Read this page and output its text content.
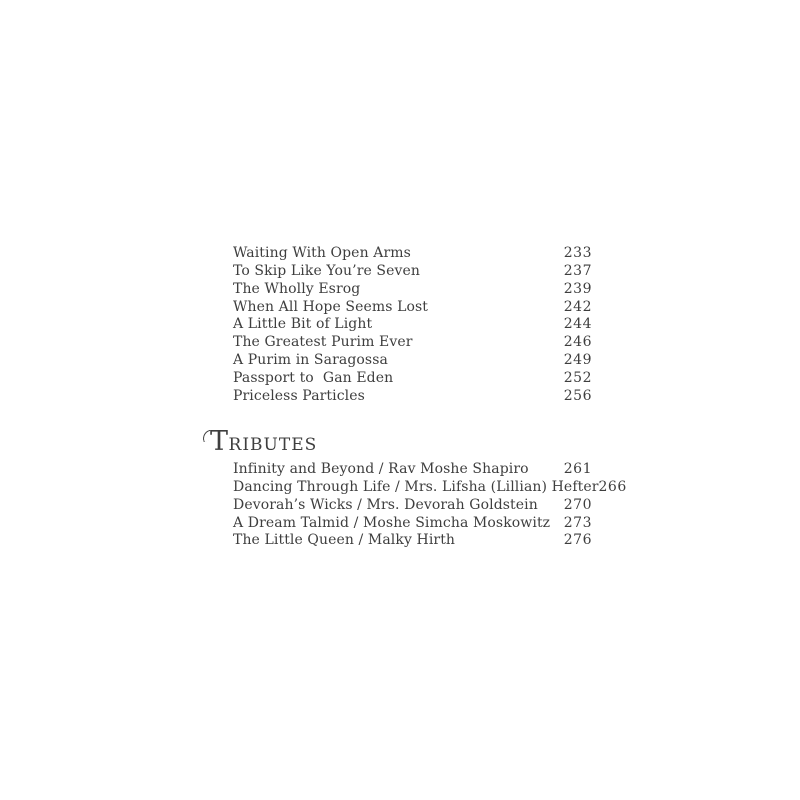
Waiting With Open Arms	233
To Skip Like You’re Seven	237
The Wholly Esrog	239
When All Hope Seems Lost	242
A Little Bit of Light	244
The Greatest Purim Ever	246
A Purim in Saragossa	249
Passport to  Gan Eden	252
Priceless Particles	256
TRIBUTES
Infinity and Beyond / Rav Moshe Shapiro	261
Dancing Through Life / Mrs. Lifsha (Lillian) Hefter 266
Devorah’s Wicks / Mrs. Devorah Goldstein 270
A Dream Talmid / Moshe Simcha Moskowitz 273
The Little Queen / Malky Hirth	276
